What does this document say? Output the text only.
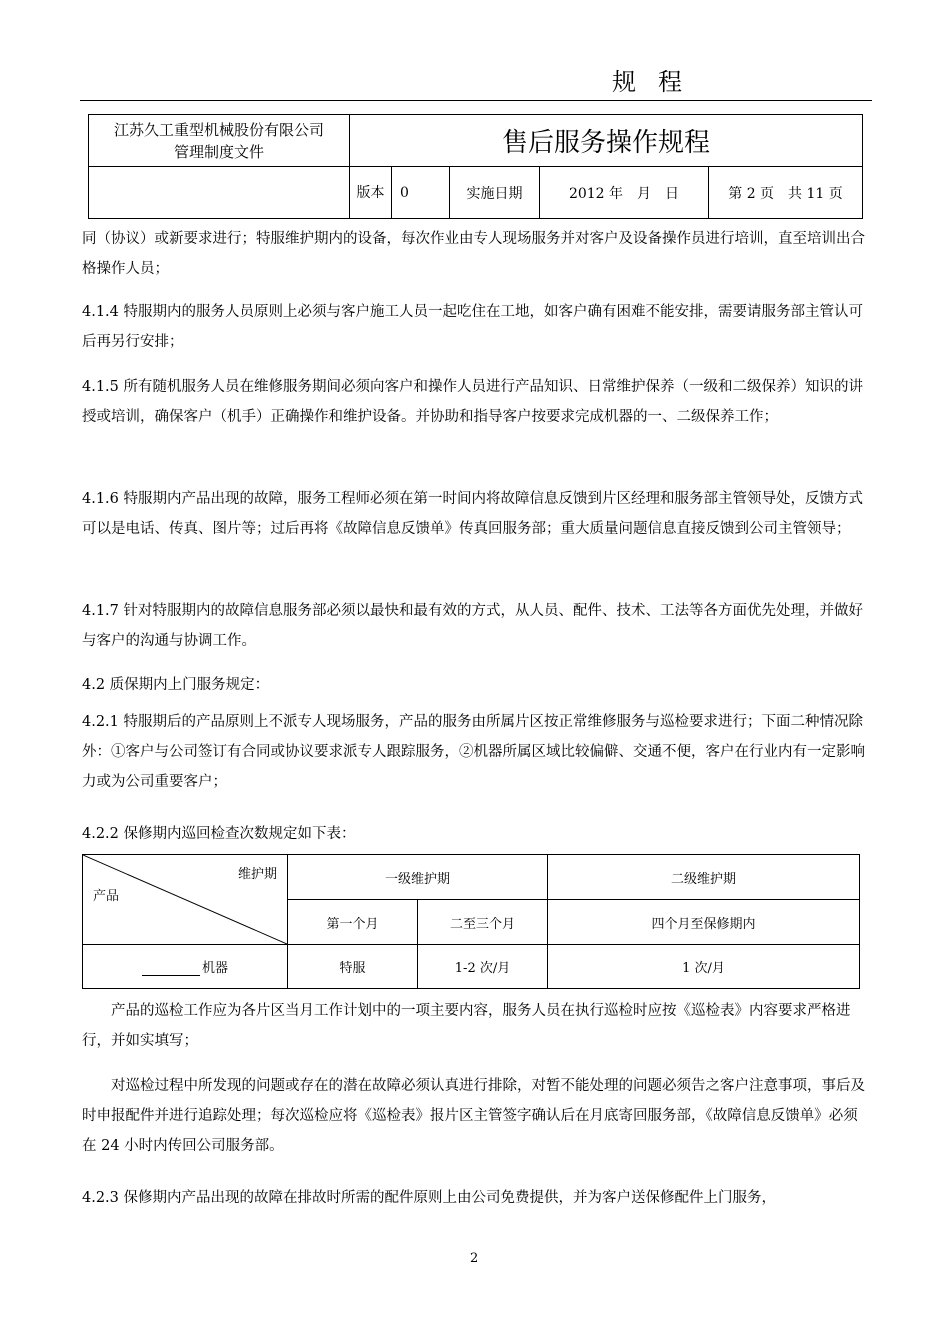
规程
江苏久工重型机械股份有限公司
管理制度文件	售后服务操作规程				
	版本	0	实施日期	2012 年　月　日	第 2 页　共 11 页

同（协议）或新要求进行；特服维护期内的设备，每次作业由专人现场服务并对客户及设备操作员进行培训，直至培训出合格操作人员；

4.1.4 特服期内的服务人员原则上必须与客户施工人员一起吃住在工地，如客户确有困难不能安排，需要请服务部主管认可后再另行安排；

4.1.5 所有随机服务人员在维修服务期间必须向客户和操作人员进行产品知识、日常维护保养（一级和二级保养）知识的讲授或培训，确保客户（机手）正确操作和维护设备。并协助和指导客户按要求完成机器的一、二级保养工作；

4.1.6 特服期内产品出现的故障，服务工程师必须在第一时间内将故障信息反馈到片区经理和服务部主管领导处，反馈方式可以是电话、传真、图片等；过后再将《故障信息反馈单》传真回服务部；重大质量问题信息直接反馈到公司主管领导；

4.1.7 针对特服期内的故障信息服务部必须以最快和最有效的方式，从人员、配件、技术、工法等各方面优先处理，并做好与客户的沟通与协调工作。

4.2 质保期内上门服务规定：

4.2.1 特服期后的产品原则上不派专人现场服务，产品的服务由所属片区按正常维修服务与巡检要求进行；下面二种情况除外：①客户与公司签订有合同或协议要求派专人跟踪服务，②机器所属区域比较偏僻、交通不便，客户在行业内有一定影响力或为公司重要客户；

4.2.2 保修期内巡回检查次数规定如下表：

维护期
产品	一级维护期		二级维护期
	第一个月	二至三个月	四个月至保修期内
机器	特服	1-2 次/月	1 次/月

产品的巡检工作应为各片区当月工作计划中的一项主要内容，服务人员在执行巡检时应按《巡检表》内容要求严格进行，并如实填写；

对巡检过程中所发现的问题或存在的潜在故障必须认真进行排除，对暂不能处理的问题必须告之客户注意事项，事后及时申报配件并进行追踪处理；每次巡检应将《巡检表》报片区主管签字确认后在月底寄回服务部，《故障信息反馈单》必须在 24 小时内传回公司服务部。

4.2.3 保修期内产品出现的故障在排故时所需的配件原则上由公司免费提供，并为客户送保修配件上门服务，

2
